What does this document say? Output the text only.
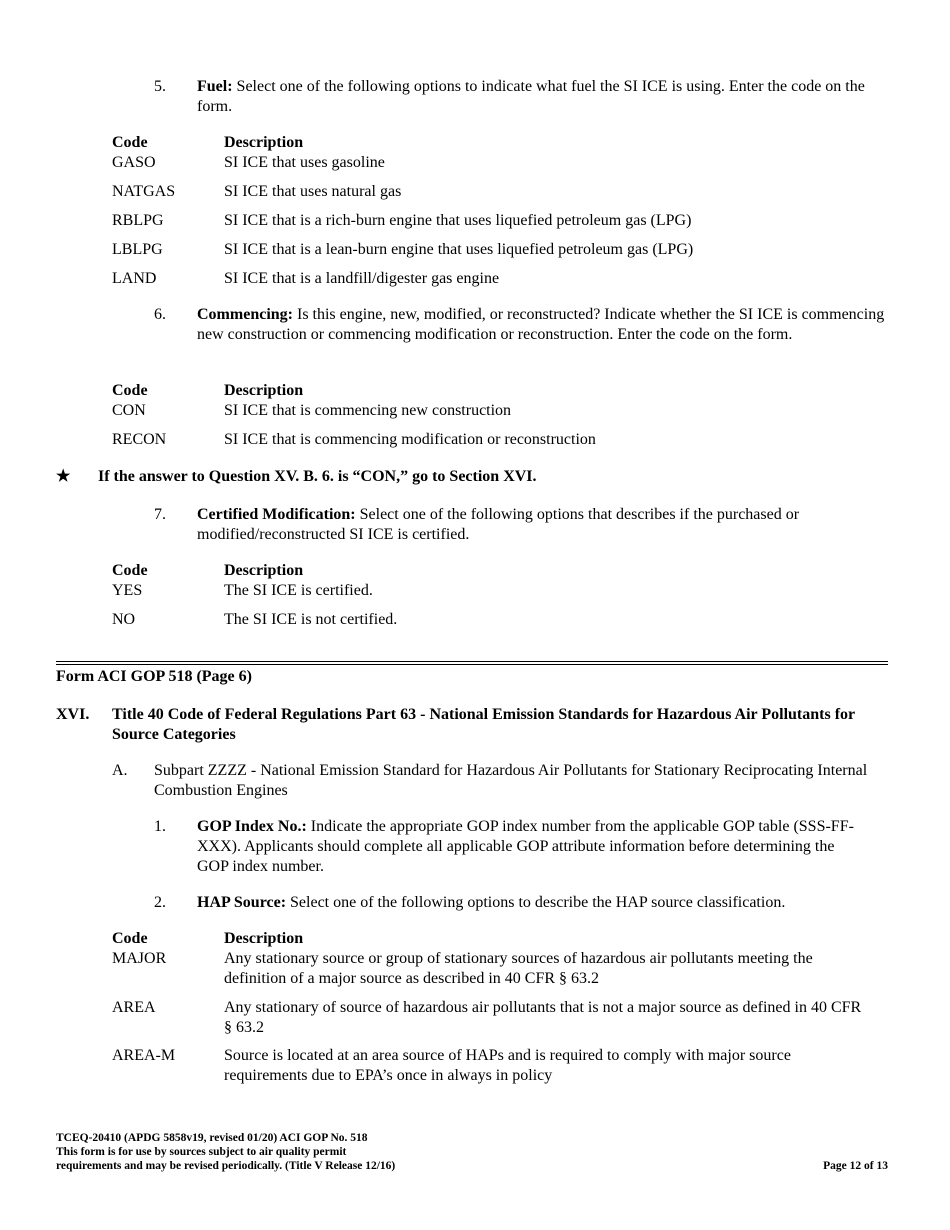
5. Fuel: Select one of the following options to indicate what fuel the SI ICE is using. Enter the code on the form.
Code	Description
GASO	SI ICE that uses gasoline
NATGAS	SI ICE that uses natural gas
RBLPG	SI ICE that is a rich-burn engine that uses liquefied petroleum gas (LPG)
LBLPG	SI ICE that is a lean-burn engine that uses liquefied petroleum gas (LPG)
LAND	SI ICE that is a landfill/digester gas engine
6. Commencing: Is this engine, new, modified, or reconstructed? Indicate whether the SI ICE is commencing new construction or commencing modification or reconstruction. Enter the code on the form.
Code	Description
CON	SI ICE that is commencing new construction
RECON	SI ICE that is commencing modification or reconstruction
★ If the answer to Question XV. B. 6. is “CON,” go to Section XVI.
7. Certified Modification: Select one of the following options that describes if the purchased or modified/reconstructed SI ICE is certified.
Code	Description
YES	The SI ICE is certified.
NO	The SI ICE is not certified.
Form ACI GOP 518 (Page 6)
XVI. Title 40 Code of Federal Regulations Part 63 - National Emission Standards for Hazardous Air Pollutants for Source Categories
A. Subpart ZZZZ - National Emission Standard for Hazardous Air Pollutants for Stationary Reciprocating Internal Combustion Engines
1. GOP Index No.: Indicate the appropriate GOP index number from the applicable GOP table (SSS-FF-XXX). Applicants should complete all applicable GOP attribute information before determining the GOP index number.
2. HAP Source: Select one of the following options to describe the HAP source classification.
Code	Description
MAJOR	Any stationary source or group of stationary sources of hazardous air pollutants meeting the definition of a major source as described in 40 CFR § 63.2
AREA	Any stationary of source of hazardous air pollutants that is not a major source as defined in 40 CFR § 63.2
AREA-M	Source is located at an area source of HAPs and is required to comply with major source requirements due to EPA’s once in always in policy
TCEQ-20410 (APDG 5858v19, revised 01/20) ACI GOP No. 518
This form is for use by sources subject to air quality permit
requirements and may be revised periodically. (Title V Release 12/16)	Page 12 of 13
